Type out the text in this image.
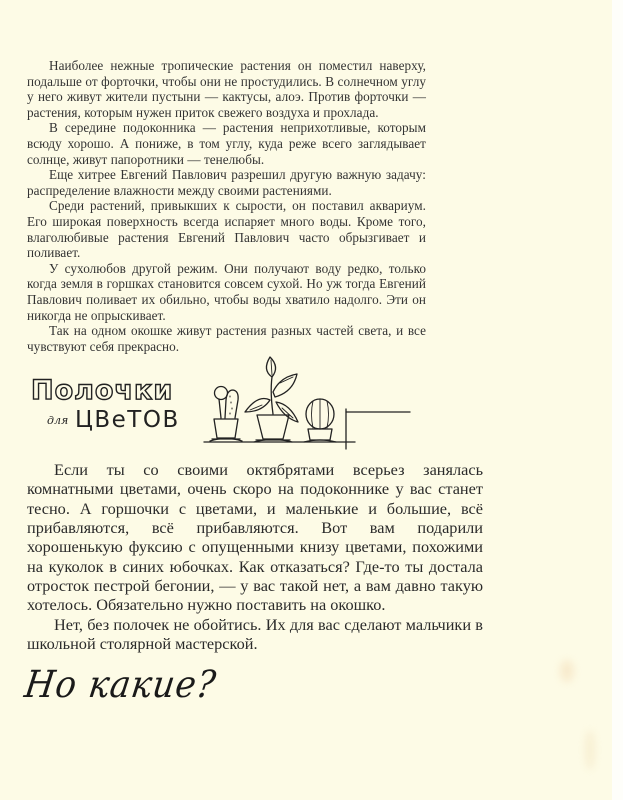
Наиболее нежные тропические растения он поместил наверху, подальше от форточки, чтобы они не простудились. В солнечном углу у него живут жители пустыни — кактусы, алоэ. Против форточки — растения, которым нужен приток свежего воздуха и прохлада.

В середине подоконника — растения неприхотливые, которым всюду хорошо. А пониже, в том углу, куда реже всего заглядывает солнце, живут папоротники — тенелюбы.

Еще хитрее Евгений Павлович разрешил другую важную задачу: распределение влажности между своими растениями.

Среди растений, привыкших к сырости, он поставил аквариум. Его широкая поверхность всегда испаряет много воды. Кроме того, влаголюбивые растения Евгений Павлович часто обрызгивает и поливает.

У сухолюбов другой режим. Они получают воду редко, только когда земля в горшках становится совсем сухой. Но уж тогда Евгений Павлович поливает их обильно, чтобы воды хватило надолго. Эти он никогда не опрыскивает.

Так на одном окошке живут растения разных частей света, и все чувствуют себя прекрасно.

Полочки
для ЦВеТОВ

Если ты со своими октябрятами всерьез занялась комнатными цветами, очень скоро на подоконнике у вас станет тесно. А горшочки с цветами, и маленькие и большие, всё прибавляются, всё прибавляются. Вот вам подарили хорошенькую фуксию с опущенными книзу цветами, похожими на куколок в синих юбочках. Как отказаться? Где-то ты достала отросток пестрой бегонии, — у вас такой нет, а вам давно такую хотелось. Обязательно нужно поставить на окошко.

Нет, без полочек не обойтись. Их для вас сделают мальчики в школьной столярной мастерской.

Но какие?
